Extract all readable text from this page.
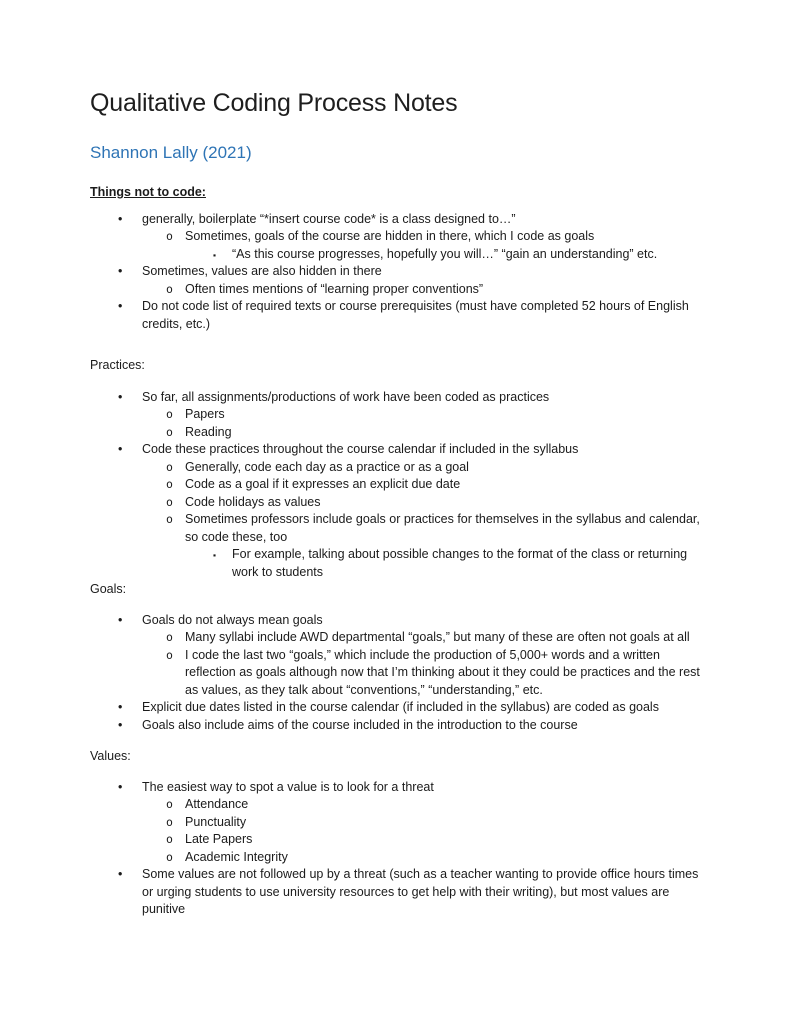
Qualitative Coding Process Notes
Shannon Lally (2021)
Things not to code:
• generally, boilerplate “*insert course code* is a class designed to…”
o Sometimes, goals of the course are hidden in there, which I code as goals
▪ “As this course progresses, hopefully you will…” “gain an understanding” etc.
• Sometimes, values are also hidden in there
o Often times mentions of “learning proper conventions”
• Do not code list of required texts or course prerequisites (must have completed 52 hours of English credits, etc.)
Practices:
• So far, all assignments/productions of work have been coded as practices
o Papers
o Reading
• Code these practices throughout the course calendar if included in the syllabus
o Generally, code each day as a practice or as a goal
o Code as a goal if it expresses an explicit due date
o Code holidays as values
o Sometimes professors include goals or practices for themselves in the syllabus and calendar, so code these, too
▪ For example, talking about possible changes to the format of the class or returning work to students
Goals:
• Goals do not always mean goals
o Many syllabi include AWD departmental “goals,” but many of these are often not goals at all
o I code the last two “goals,” which include the production of 5,000+ words and a written reflection as goals although now that I’m thinking about it they could be practices and the rest as values, as they talk about “conventions,” “understanding,” etc.
• Explicit due dates listed in the course calendar (if included in the syllabus) are coded as goals
• Goals also include aims of the course included in the introduction to the course
Values:
• The easiest way to spot a value is to look for a threat
o Attendance
o Punctuality
o Late Papers
o Academic Integrity
• Some values are not followed up by a threat (such as a teacher wanting to provide office hours times or urging students to use university resources to get help with their writing), but most values are punitive
